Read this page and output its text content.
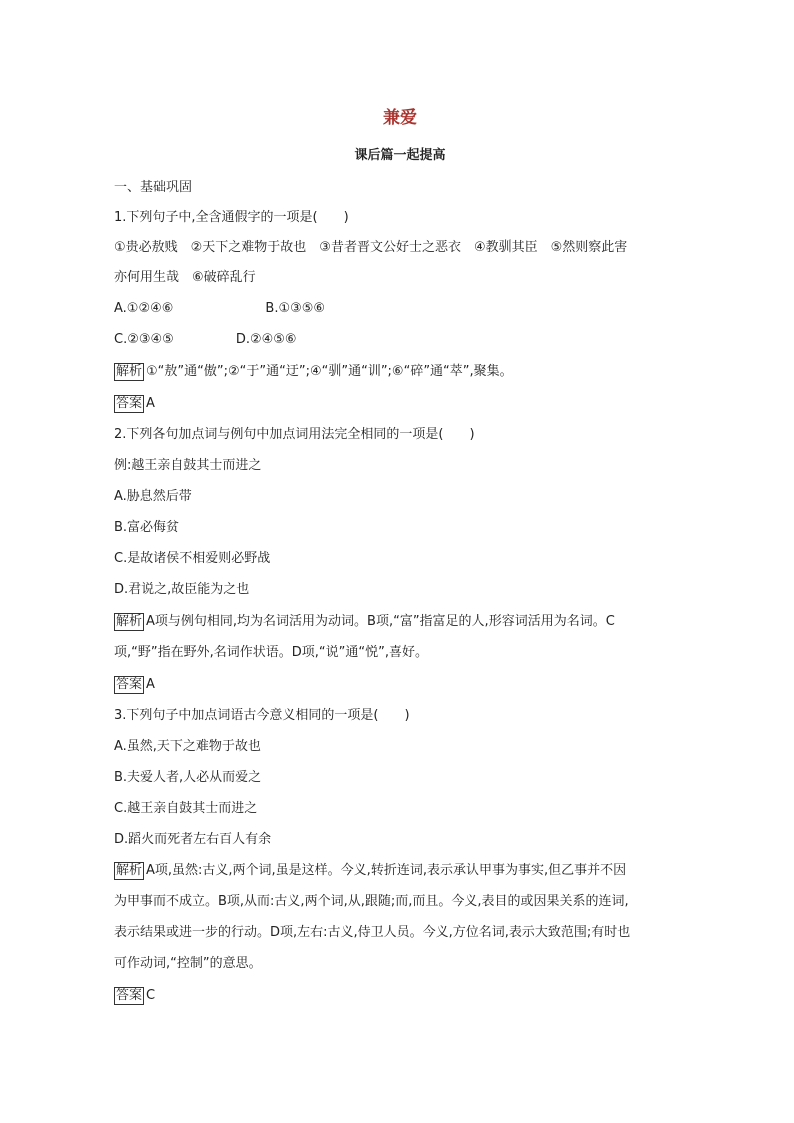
兼爱
课后篇一起提高
一、基础巩固
1.下列句子中,全含通假字的一项是(　　)
①贵必敖贱　②天下之难物于故也　③昔者晋文公好士之恶衣　④教驯其臣　⑤然则察此害
亦何用生哉　⑥破碎乱行
A.①②④⑥	B.①③⑤⑥
C.②③④⑤	D.②④⑤⑥
解析 ①“敖”通“傲”;②“于”通“迂”;④“驯”通“训”;⑥“碎”通“萃”,聚集。
答案 A
2.下列各句加点词与例句中加点词用法完全相同的一项是(　　)
例:越王亲自鼓其士而进之
A.胁息然后带
B.富必侮贫
C.是故诸侯不相爱则必野战
D.君说之,故臣能为之也
解析 A项与例句相同,均为名词活用为动词。B项,“富”指富足的人,形容词活用为名词。C
项,“野”指在野外,名词作状语。D项,“说”通“悦”,喜好。
答案 A
3.下列句子中加点词语古今意义相同的一项是(　　)
A.虽然,天下之难物于故也
B.夫爱人者,人必从而爱之
C.越王亲自鼓其士而进之
D.蹈火而死者左右百人有余
解析 A项,虽然:古义,两个词,虽是这样。今义,转折连词,表示承认甲事为事实,但乙事并不因
为甲事而不成立。B项,从而:古义,两个词,从,跟随;而,而且。今义,表目的或因果关系的连词,
表示结果或进一步的行动。D项,左右:古义,侍卫人员。今义,方位名词,表示大致范围;有时也
可作动词,“控制”的意思。
答案 C
